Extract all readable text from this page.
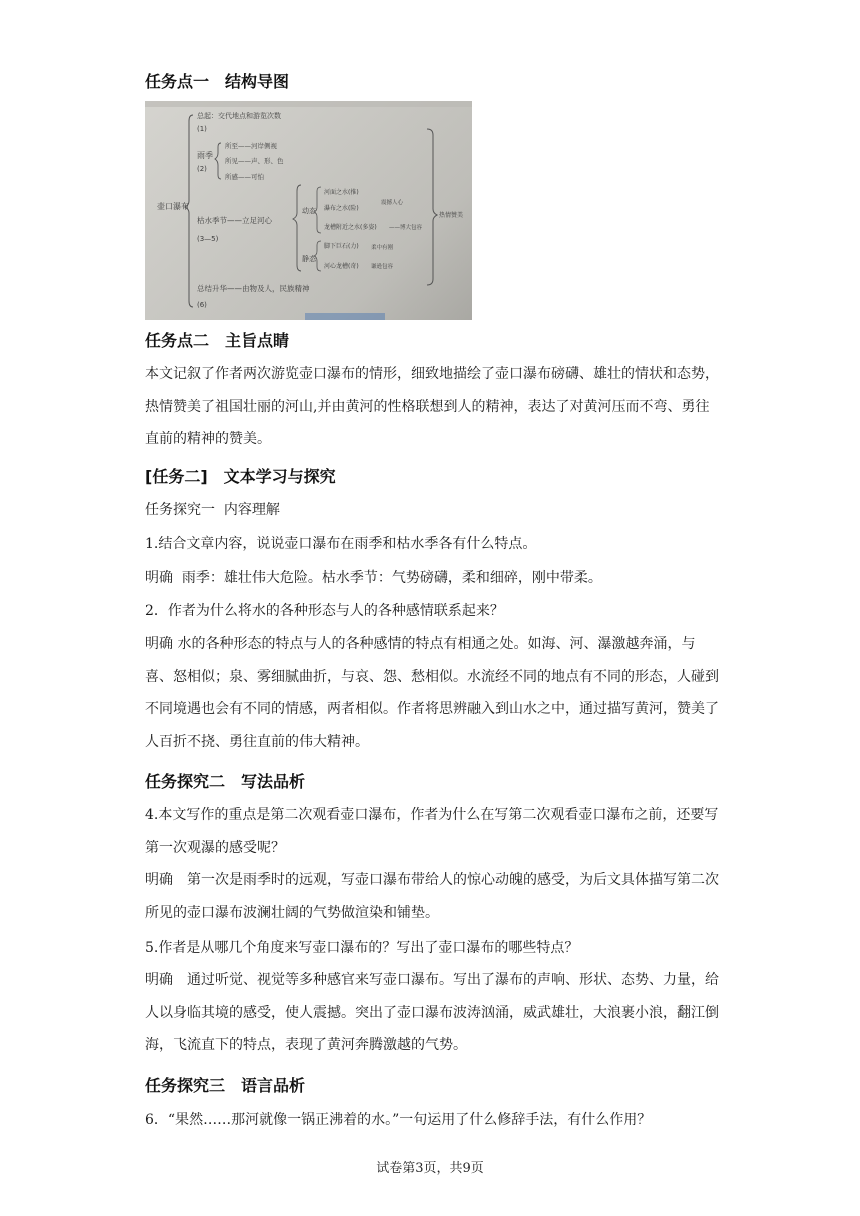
任务点一　结构导图
壶口瀑布
热情赞美
总起：交代地点和游览次数
(1)
雨季
(2)
所至——河岸侧视
所见——声、形、色
所感——可怕
枯水季节——立足河心
(3—5)
动态
河面之水(推)
瀑布之水(险)
龙槽附近之水(多姿)
震撼人心
——博大包容
静态
脚下巨石(力)
河心龙槽(奇)
柔中有刚
谦逊包容
总结升华——由物及人，民族精神
(6)
任务点二　主旨点睛
本文记叙了作者两次游览壶口瀑布的情形，细致地描绘了壶口瀑布磅礴、雄壮的情状和态势，热情赞美了祖国壮丽的河山,并由黄河的性格联想到人的精神，表达了对黄河压而不弯、勇往直前的精神的赞美。
[任务二]　文本学习与探究
任务探究一  内容理解
1.结合文章内容，说说壶口瀑布在雨季和枯水季各有什么特点。
明确  雨季：雄壮伟大危险。枯水季节：气势磅礴，柔和细碎，刚中带柔。
2．作者为什么将水的各种形态与人的各种感情联系起来？
明确 水的各种形态的特点与人的各种感情的特点有相通之处。如海、河、瀑激越奔涌，与喜、怒相似；泉、雾细腻曲折，与哀、怨、愁相似。水流经不同的地点有不同的形态，人碰到不同境遇也会有不同的情感，两者相似。作者将思辨融入到山水之中，通过描写黄河，赞美了人百折不挠、勇往直前的伟大精神。
任务探究二　写法品析
4.本文写作的重点是第二次观看壶口瀑布，作者为什么在写第二次观看壶口瀑布之前，还要写第一次观瀑的感受呢？
明确　第一次是雨季时的远观，写壶口瀑布带给人的惊心动魄的感受，为后文具体描写第二次所见的壶口瀑布波澜壮阔的气势做渲染和铺垫。
5.作者是从哪几个角度来写壶口瀑布的？写出了壶口瀑布的哪些特点？
明确　通过听觉、视觉等多种感官来写壶口瀑布。写出了瀑布的声响、形状、态势、力量，给人以身临其境的感受，使人震撼。突出了壶口瀑布波涛汹涌，威武雄壮，大浪裹小浪，翻江倒海，飞流直下的特点，表现了黄河奔腾激越的气势。
任务探究三　语言品析
6．“果然……那河就像一锅正沸着的水。”一句运用了什么修辞手法，有什么作用？
试卷第3页，共9页
